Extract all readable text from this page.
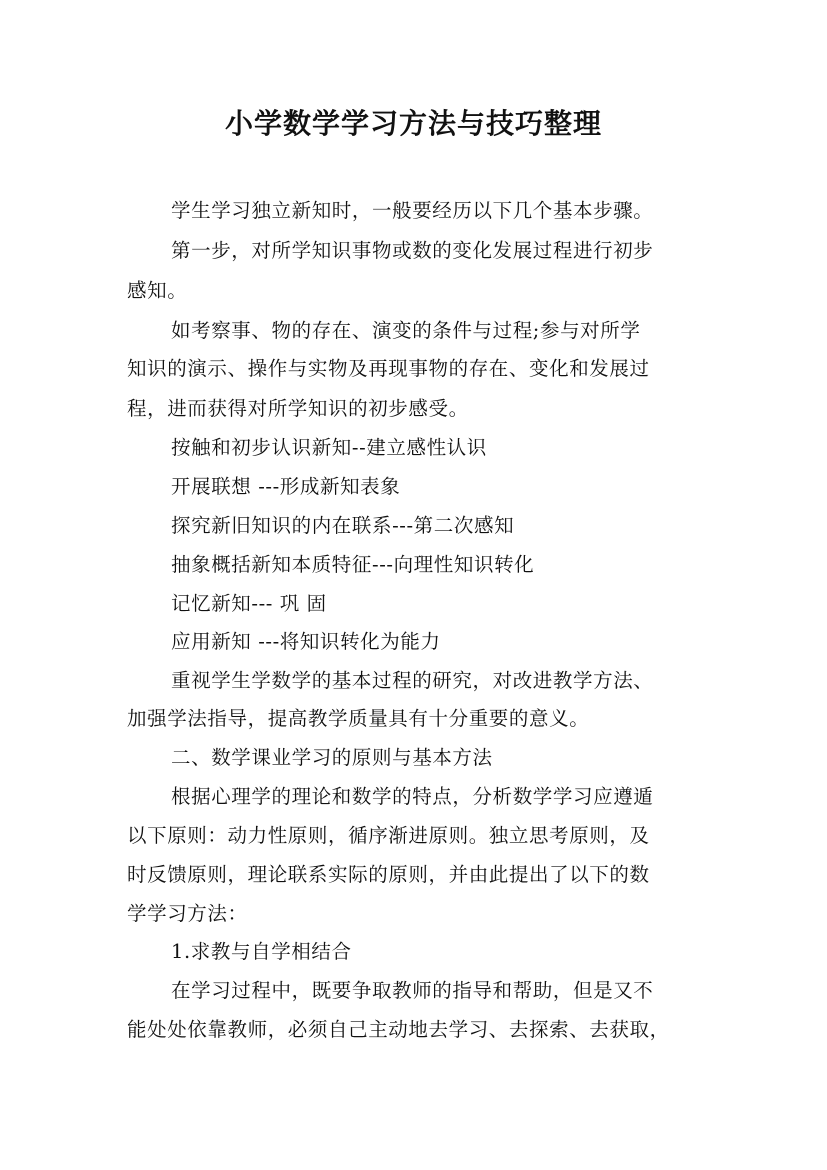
小学数学学习方法与技巧整理
学生学习独立新知时，一般要经历以下几个基本步骤。
第一步，对所学知识事物或数的变化发展过程进行初步
感知。
如考察事、物的存在、演变的条件与过程;参与对所学
知识的演示、操作与实物及再现事物的存在、变化和发展过
程，进而获得对所学知识的初步感受。
按触和初步认识新知--建立感性认识
开展联想 ---形成新知表象
探究新旧知识的内在联系---第二次感知
抽象概括新知本质特征---向理性知识转化
记忆新知--- 巩 固
应用新知 ---将知识转化为能力
重视学生学数学的基本过程的研究，对改进教学方法、
加强学法指导，提高教学质量具有十分重要的意义。
二、数学课业学习的原则与基本方法
根据心理学的理论和数学的特点，分析数学学习应遵遁
以下原则：动力性原则，循序渐进原则。独立思考原则，及
时反馈原则，理论联系实际的原则，并由此提出了以下的数
学学习方法：
1.求教与自学相结合
在学习过程中，既要争取教师的指导和帮助，但是又不
能处处依靠教师，必须自己主动地去学习、去探索、去获取，
